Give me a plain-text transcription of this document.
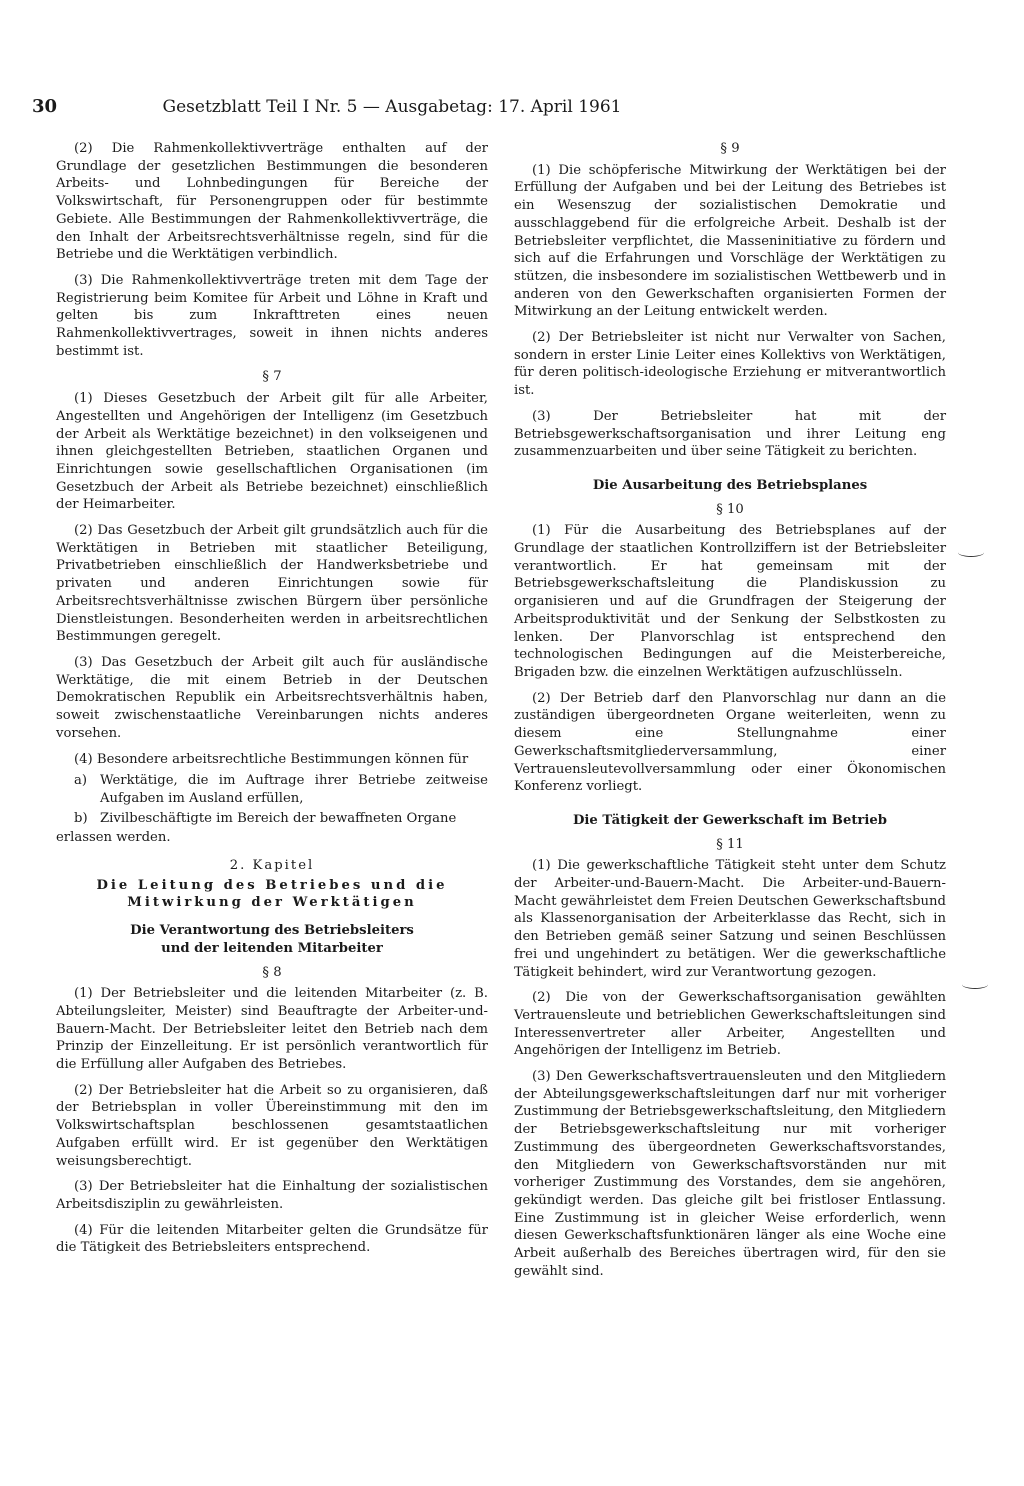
30	Gesetzblatt Teil I Nr. 5 — Ausgabetag: 17. April 1961

(2) Die Rahmenkollektivverträge enthalten auf der Grundlage der gesetzlichen Bestimmungen die besonderen Arbeits- und Lohnbedingungen für Bereiche der Volkswirtschaft, für Personengruppen oder für bestimmte Gebiete. Alle Bestimmungen der Rahmenkollektivverträge, die den Inhalt der Arbeitsrechtsverhältnisse regeln, sind für die Betriebe und die Werktätigen verbindlich.

(3) Die Rahmenkollektivverträge treten mit dem Tage der Registrierung beim Komitee für Arbeit und Löhne in Kraft und gelten bis zum Inkrafttreten eines neuen Rahmenkollektivvertrages, soweit in ihnen nichts anderes bestimmt ist.

§ 7

(1) Dieses Gesetzbuch der Arbeit gilt für alle Arbeiter, Angestellten und Angehörigen der Intelligenz (im Gesetzbuch der Arbeit als Werktätige bezeichnet) in den volkseigenen und ihnen gleichgestellten Betrieben, staatlichen Organen und Einrichtungen sowie gesellschaftlichen Organisationen (im Gesetzbuch der Arbeit als Betriebe bezeichnet) einschließlich der Heimarbeiter.

(2) Das Gesetzbuch der Arbeit gilt grundsätzlich auch für die Werktätigen in Betrieben mit staatlicher Beteiligung, Privatbetrieben einschließlich der Handwerksbetriebe und privaten und anderen Einrichtungen sowie für Arbeitsrechtsverhältnisse zwischen Bürgern über persönliche Dienstleistungen. Besonderheiten werden in arbeitsrechtlichen Bestimmungen geregelt.

(3) Das Gesetzbuch der Arbeit gilt auch für ausländische Werktätige, die mit einem Betrieb in der Deutschen Demokratischen Republik ein Arbeitsrechtsverhältnis haben, soweit zwischenstaatliche Vereinbarungen nichts anderes vorsehen.

(4) Besondere arbeitsrechtliche Bestimmungen können für

a) Werktätige, die im Auftrage ihrer Betriebe zeitweise Aufgaben im Ausland erfüllen,
b) Zivilbeschäftigte im Bereich der bewaffneten Organe

erlassen werden.

2. Kapitel

Die Leitung des Betriebes und die

Mitwirkung der Werktätigen

Die Verantwortung des Betriebsleiters
und der leitenden Mitarbeiter
§ 8

(1) Der Betriebsleiter und die leitenden Mitarbeiter (z. B. Abteilungsleiter, Meister) sind Beauftragte der Arbeiter-und-Bauern-Macht. Der Betriebsleiter leitet den Betrieb nach dem Prinzip der Einzelleitung. Er ist persönlich verantwortlich für die Erfüllung aller Aufgaben des Betriebes.

(2) Der Betriebsleiter hat die Arbeit so zu organisieren, daß der Betriebsplan in voller Übereinstimmung mit den im Volkswirtschaftsplan beschlossenen gesamtstaatlichen Aufgaben erfüllt wird. Er ist gegenüber den Werktätigen weisungsberechtigt.

(3) Der Betriebsleiter hat die Einhaltung der sozialistischen Arbeitsdisziplin zu gewährleisten.

(4) Für die leitenden Mitarbeiter gelten die Grundsätze für die Tätigkeit des Betriebsleiters entsprechend.

§ 9

(1) Die schöpferische Mitwirkung der Werktätigen bei der Erfüllung der Aufgaben und bei der Leitung des Betriebes ist ein Wesenszug der sozialistischen Demokratie und ausschlaggebend für die erfolgreiche Arbeit. Deshalb ist der Betriebsleiter verpflichtet, die Masseninitiative zu fördern und sich auf die Erfahrungen und Vorschläge der Werktätigen zu stützen, die insbesondere im sozialistischen Wettbewerb und in anderen von den Gewerkschaften organisierten Formen der Mitwirkung an der Leitung entwickelt werden.

(2) Der Betriebsleiter ist nicht nur Verwalter von Sachen, sondern in erster Linie Leiter eines Kollektivs von Werktätigen, für deren politisch-ideologische Erziehung er mitverantwortlich ist.

(3) Der Betriebsleiter hat mit der Betriebsgewerkschaftsorganisation und ihrer Leitung eng zusammenzuarbeiten und über seine Tätigkeit zu berichten.

Die Ausarbeitung des Betriebsplanes
§ 10

(1) Für die Ausarbeitung des Betriebsplanes auf der Grundlage der staatlichen Kontrollziffern ist der Betriebsleiter verantwortlich. Er hat gemeinsam mit der Betriebsgewerkschaftsleitung die Plandiskussion zu organisieren und auf die Grundfragen der Steigerung der Arbeitsproduktivität und der Senkung der Selbstkosten zu lenken. Der Planvorschlag ist entsprechend den technologischen Bedingungen auf die Meisterbereiche, Brigaden bzw. die einzelnen Werktätigen aufzuschlüsseln.

(2) Der Betrieb darf den Planvorschlag nur dann an die zuständigen übergeordneten Organe weiterleiten, wenn zu diesem eine Stellungnahme einer Gewerkschaftsmitgliederversammlung, einer Vertrauensleutevollversammlung oder einer Ökonomischen Konferenz vorliegt.

Die Tätigkeit der Gewerkschaft im Betrieb
§ 11

(1) Die gewerkschaftliche Tätigkeit steht unter dem Schutz der Arbeiter-und-Bauern-Macht. Die Arbeiter-und-Bauern-Macht gewährleistet dem Freien Deutschen Gewerkschaftsbund als Klassenorganisation der Arbeiterklasse das Recht, sich in den Betrieben gemäß seiner Satzung und seinen Beschlüssen frei und ungehindert zu betätigen. Wer die gewerkschaftliche Tätigkeit behindert, wird zur Verantwortung gezogen.

(2) Die von der Gewerkschaftsorganisation gewählten Vertrauensleute und betrieblichen Gewerkschaftsleitungen sind Interessenvertreter aller Arbeiter, Angestellten und Angehörigen der Intelligenz im Betrieb.

(3) Den Gewerkschaftsvertrauensleuten und den Mitgliedern der Abteilungsgewerkschaftsleitungen darf nur mit vorheriger Zustimmung der Betriebsgewerkschaftsleitung, den Mitgliedern der Betriebsgewerkschaftsleitung nur mit vorheriger Zustimmung des übergeordneten Gewerkschaftsvorstandes, den Mitgliedern von Gewerkschaftsvorständen nur mit vorheriger Zustimmung des Vorstandes, dem sie angehören, gekündigt werden. Das gleiche gilt bei fristloser Entlassung. Eine Zustimmung ist in gleicher Weise erforderlich, wenn diesen Gewerkschaftsfunktionären länger als eine Woche eine Arbeit außerhalb des Bereiches übertragen wird, für den sie gewählt sind.
